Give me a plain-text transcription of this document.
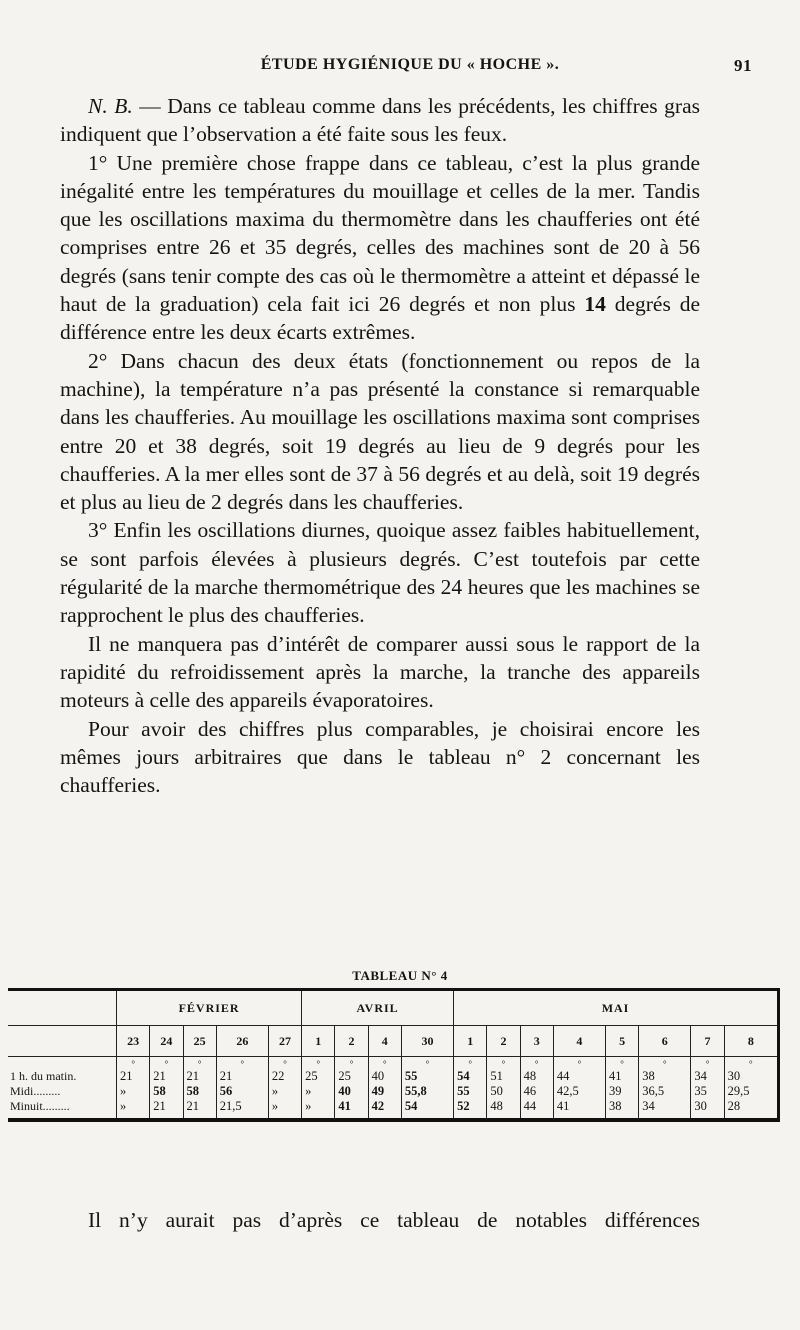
ÉTUDE HYGIÉNIQUE DU « HOCHE ».	91

N. B. — Dans ce tableau comme dans les précédents, les chiffres gras indiquent que l’observation a été faite sous les feux.

1° Une première chose frappe dans ce tableau, c’est la plus grande inégalité entre les températures du mouillage et celles de la mer. Tandis que les oscillations maxima du thermomètre dans les chaufferies ont été comprises entre 26 et 35 degrés, celles des machines sont de 20 à 56 degrés (sans tenir compte des cas où le thermomètre a atteint et dépassé le haut de la graduation) cela fait ici 26 degrés et non plus 14 degrés de différence entre les deux écarts extrêmes.

2° Dans chacun des deux états (fonctionnement ou repos de la machine), la température n’a pas présenté la constance si remarquable dans les chaufferies. Au mouillage les oscillations maxima sont comprises entre 20 et 38 degrés, soit 19 degrés au lieu de 9 degrés pour les chaufferies. A la mer elles sont de 37 à 56 degrés et au delà, soit 19 degrés et plus au lieu de 2 degrés dans les chaufferies.

3° Enfin les oscillations diurnes, quoique assez faibles habituellement, se sont parfois élevées à plusieurs degrés. C’est toutefois par cette régularité de la marche thermométrique des 24 heures que les machines se rapprochent le plus des chaufferies.

Il ne manquera pas d’intérêt de comparer aussi sous le rapport de la rapidité du refroidissement après la marche, la tranche des appareils moteurs à celle des appareils évaporatoires.

Pour avoir des chiffres plus comparables, je choisirai encore les mêmes jours arbitraires que dans le tableau n° 2 concernant les chaufferies.

TABLEAU N° 4
	FÉVRIER					AVRIL				MAI							
	23	24	25	26	27	1	2	4	30	1	2	3	4	5	6	7	8
	°	°	°	°	°	°	°	°	°	°	°	°	°	°	°	°	°
1 h. du matin.	21	21	21	21	22	25	25	40	55	54	51	48	44	41	38	34	30
Midi.........	»	58	58	56	»	»	40	49	55,8	55	50	46	42,5	39	36,5	35	29,5
Minuit.........	»	21	21	21,5	»	»	41	42	54	52	48	44	41	38	34	30	28
Il n’y aurait pas d’après ce tableau de notables différences
